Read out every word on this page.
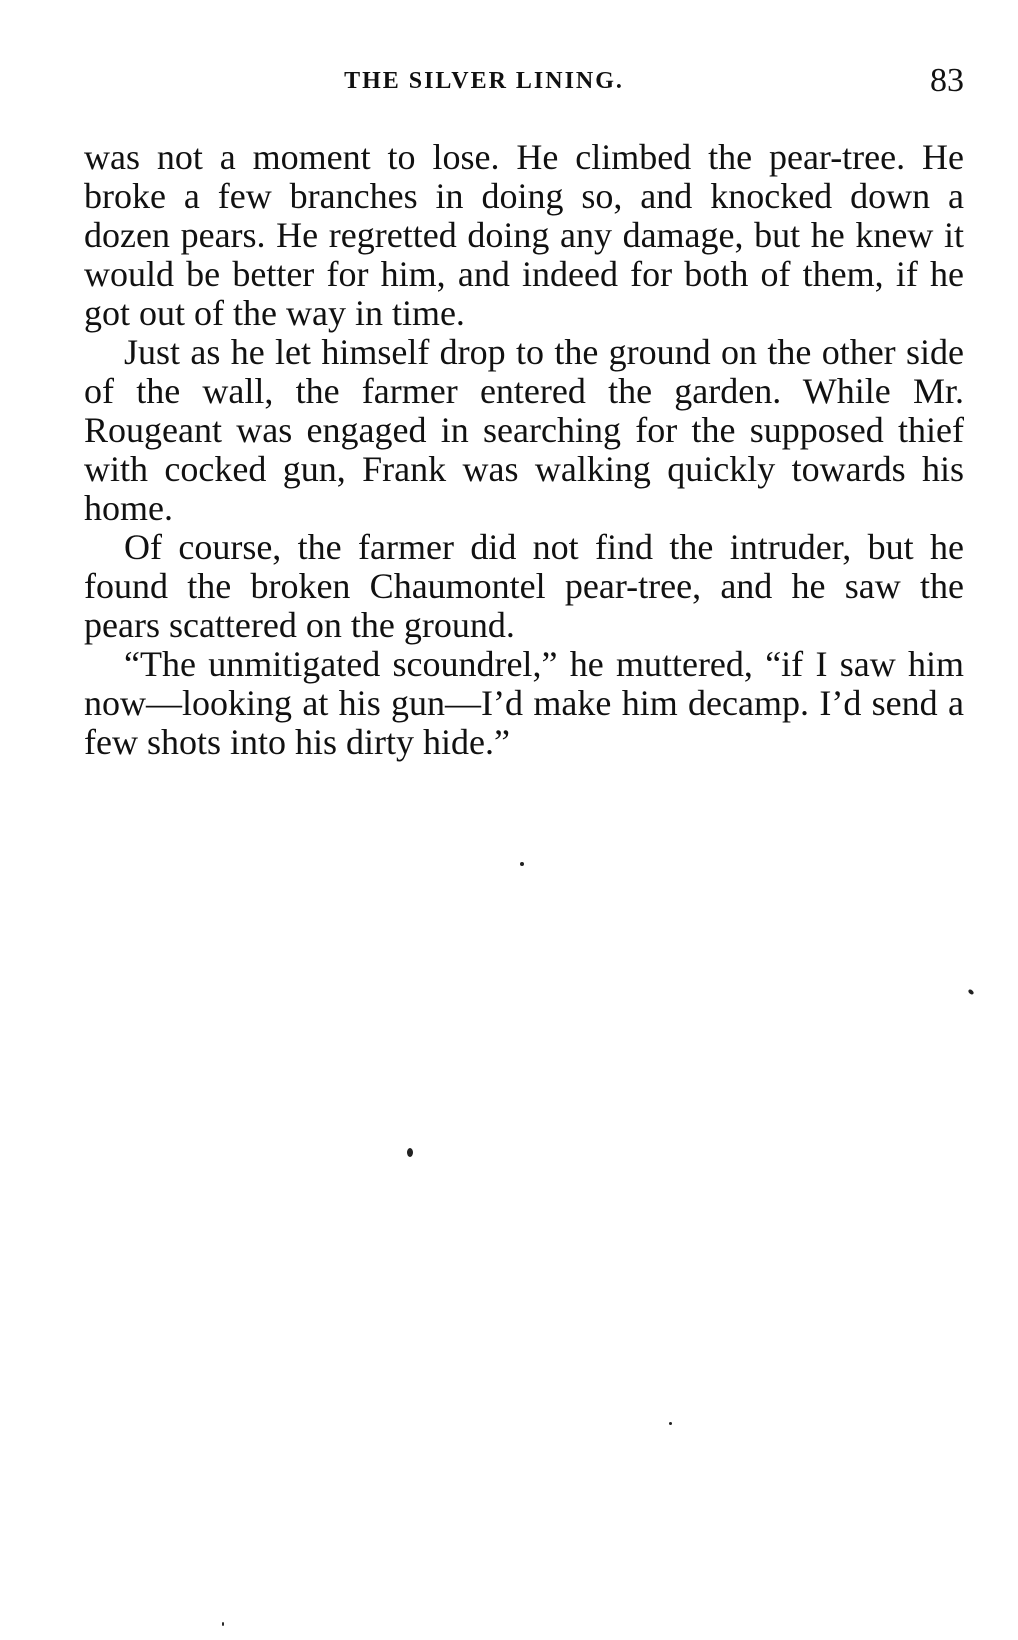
THE SILVER LINING.	83

was not a moment to lose. He climbed the pear-tree. He broke a few branches in doing so, and knocked down a dozen pears. He regretted doing any damage, but he knew it would be better for him, and indeed for both of them, if he got out of the way in time.

Just as he let himself drop to the ground on the other side of the wall, the farmer entered the garden. While Mr. Rougeant was engaged in searching for the supposed thief with cocked gun, Frank was walking quickly towards his home.

Of course, the farmer did not find the intruder, but he found the broken Chaumontel pear-tree, and he saw the pears scattered on the ground.

“The unmitigated scoundrel,” he muttered, “if I saw him now—looking at his gun—I’d make him decamp. I’d send a few shots into his dirty hide.”
